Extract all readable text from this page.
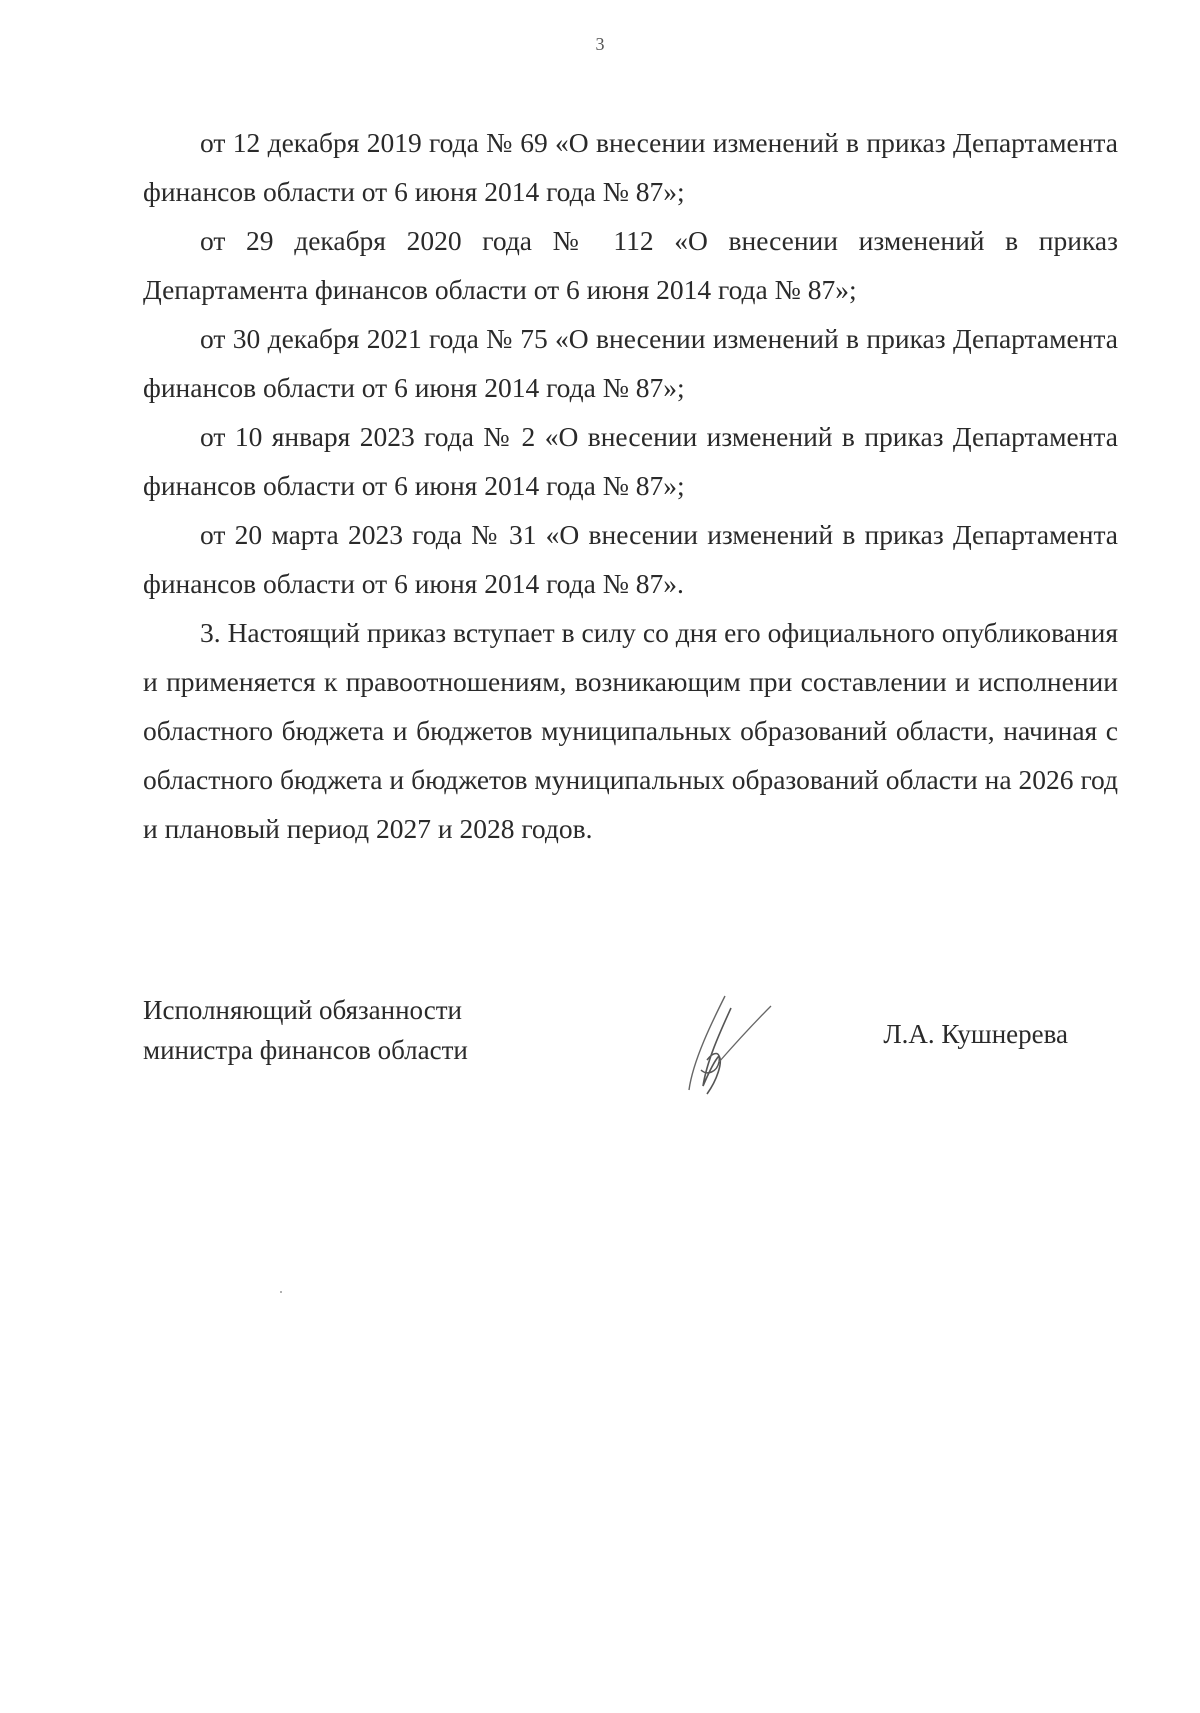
3

от 12 декабря 2019 года № 69 «О внесении изменений в приказ Департамента финансов области от 6 июня 2014 года № 87»;

от 29 декабря 2020 года № 112 «О внесении изменений в приказ Департамента финансов области от 6 июня 2014 года № 87»;

от 30 декабря 2021 года № 75 «О внесении изменений в приказ Департамента финансов области от 6 июня 2014 года № 87»;

от 10 января 2023 года № 2 «О внесении изменений в приказ Департамента финансов области от 6 июня 2014 года № 87»;

от 20 марта 2023 года № 31 «О внесении изменений в приказ Департамента финансов области от 6 июня 2014 года № 87».

3. Настоящий приказ вступает в силу со дня его официального опубликования и применяется к правоотношениям, возникающим при составлении и исполнении областного бюджета и бюджетов муниципальных образований области, начиная с областного бюджета и бюджетов муниципальных образований области на 2026 год и плановый период 2027 и 2028 годов.

Исполняющий обязанности
министра финансов области
Л.А. Кушнерева
